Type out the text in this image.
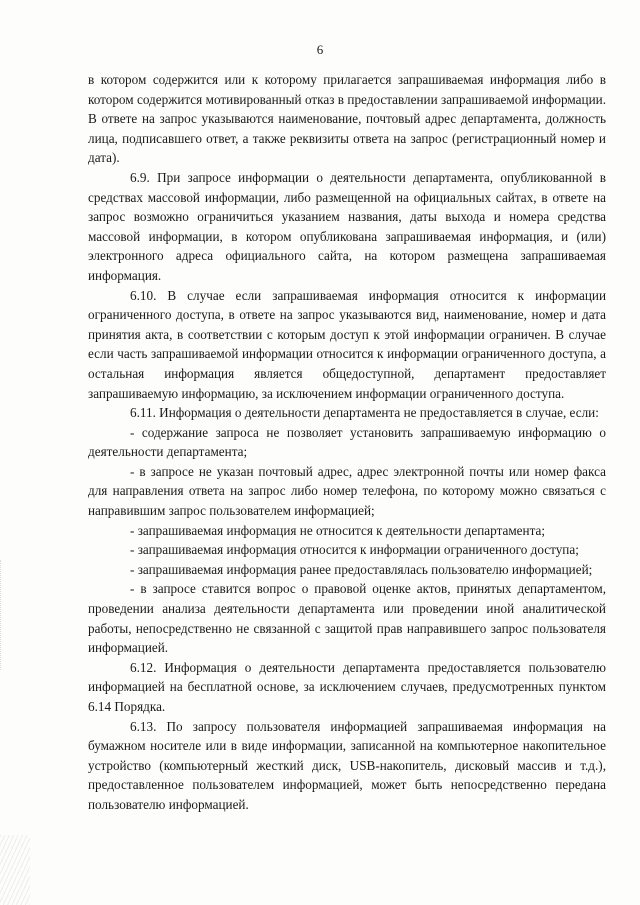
6

в котором содержится или к которому прилагается запрашиваемая информация либо в котором содержится мотивированный отказ в предоставлении запрашиваемой информации. В ответе на запрос указываются наименование, почтовый адрес департамента, должность лица, подписавшего ответ, а также реквизиты ответа на запрос (регистрационный номер и дата).

6.9. При запросе информации о деятельности департамента, опубликованной в средствах массовой информации, либо размещенной на официальных сайтах, в ответе на запрос возможно ограничиться указанием названия, даты выхода и номера средства массовой информации, в котором опубликована запрашиваемая информация, и (или) электронного адреса официального сайта, на котором размещена запрашиваемая информация.

6.10. В случае если запрашиваемая информация относится к информации ограниченного доступа, в ответе на запрос указываются вид, наименование, номер и дата принятия акта, в соответствии с которым доступ к этой информации ограничен. В случае если часть запрашиваемой информации относится к информации ограниченного доступа, а остальная информация является общедоступной, департамент предоставляет запрашиваемую информацию, за исключением информации ограниченного доступа.

6.11. Информация о деятельности департамента не предоставляется в случае, если:

- содержание запроса не позволяет установить запрашиваемую информацию о деятельности департамента;

- в запросе не указан почтовый адрес, адрес электронной почты или номер факса для направления ответа на запрос либо номер телефона, по которому можно связаться с направившим запрос пользователем информацией;

- запрашиваемая информация не относится к деятельности департамента;

- запрашиваемая информация относится к информации ограниченного доступа;

- запрашиваемая информация ранее предоставлялась пользователю информацией;

- в запросе ставится вопрос о правовой оценке актов, принятых департаментом, проведении анализа деятельности департамента или проведении иной аналитической работы, непосредственно не связанной с защитой прав направившего запрос пользователя информацией.

6.12. Информация о деятельности департамента предоставляется пользователю информацией на бесплатной основе, за исключением случаев, предусмотренных пунктом 6.14 Порядка.

6.13. По запросу пользователя информацией запрашиваемая информация на бумажном носителе или в виде информации, записанной на компьютерное накопительное устройство (компьютерный жесткий диск, USB-накопитель, дисковый массив и т.д.), предоставленное пользователем информацией, может быть непосредственно передана пользователю информацией.
